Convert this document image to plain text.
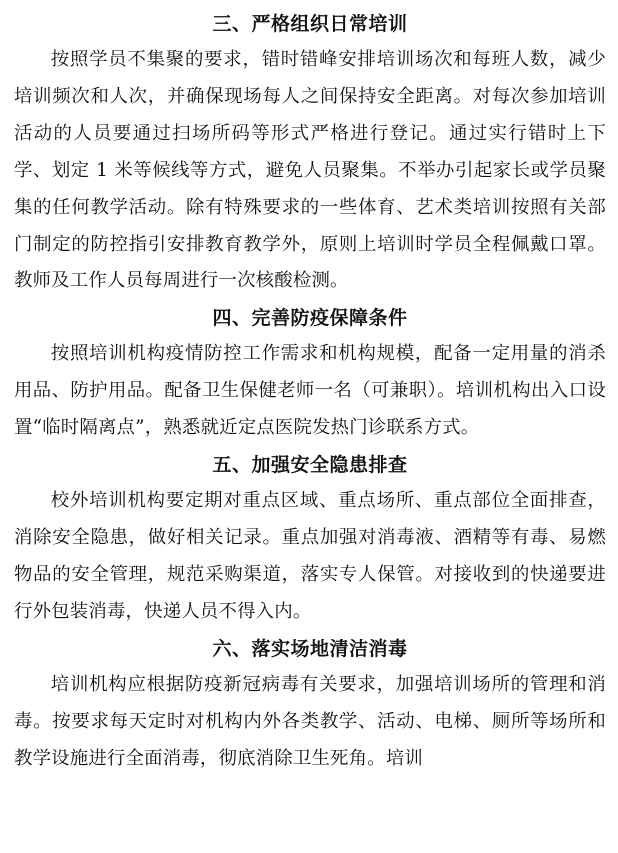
三、严格组织日常培训

按照学员不集聚的要求，错时错峰安排培训场次和每班人数，减少培训频次和人次，并确保现场每人之间保持安全距离。对每次参加培训活动的人员要通过扫场所码等形式严格进行登记。通过实行错时上下学、划定 1 米等候线等方式，避免人员聚集。不举办引起家长或学员聚集的任何教学活动。除有特殊要求的一些体育、艺术类培训按照有关部门制定的防控指引安排教育教学外，原则上培训时学员全程佩戴口罩。教师及工作人员每周进行一次核酸检测。

四、完善防疫保障条件

按照培训机构疫情防控工作需求和机构规模，配备一定用量的消杀用品、防护用品。配备卫生保健老师一名（可兼职）。培训机构出入口设置“临时隔离点”，熟悉就近定点医院发热门诊联系方式。

五、加强安全隐患排查

校外培训机构要定期对重点区域、重点场所、重点部位全面排查，消除安全隐患，做好相关记录。重点加强对消毒液、酒精等有毒、易燃物品的安全管理，规范采购渠道，落实专人保管。对接收到的快递要进行外包装消毒，快递人员不得入内。

六、落实场地清洁消毒

培训机构应根据防疫新冠病毒有关要求，加强培训场所的管理和消毒。按要求每天定时对机构内外各类教学、活动、电梯、厕所等场所和教学设施进行全面消毒，彻底消除卫生死角。培训
